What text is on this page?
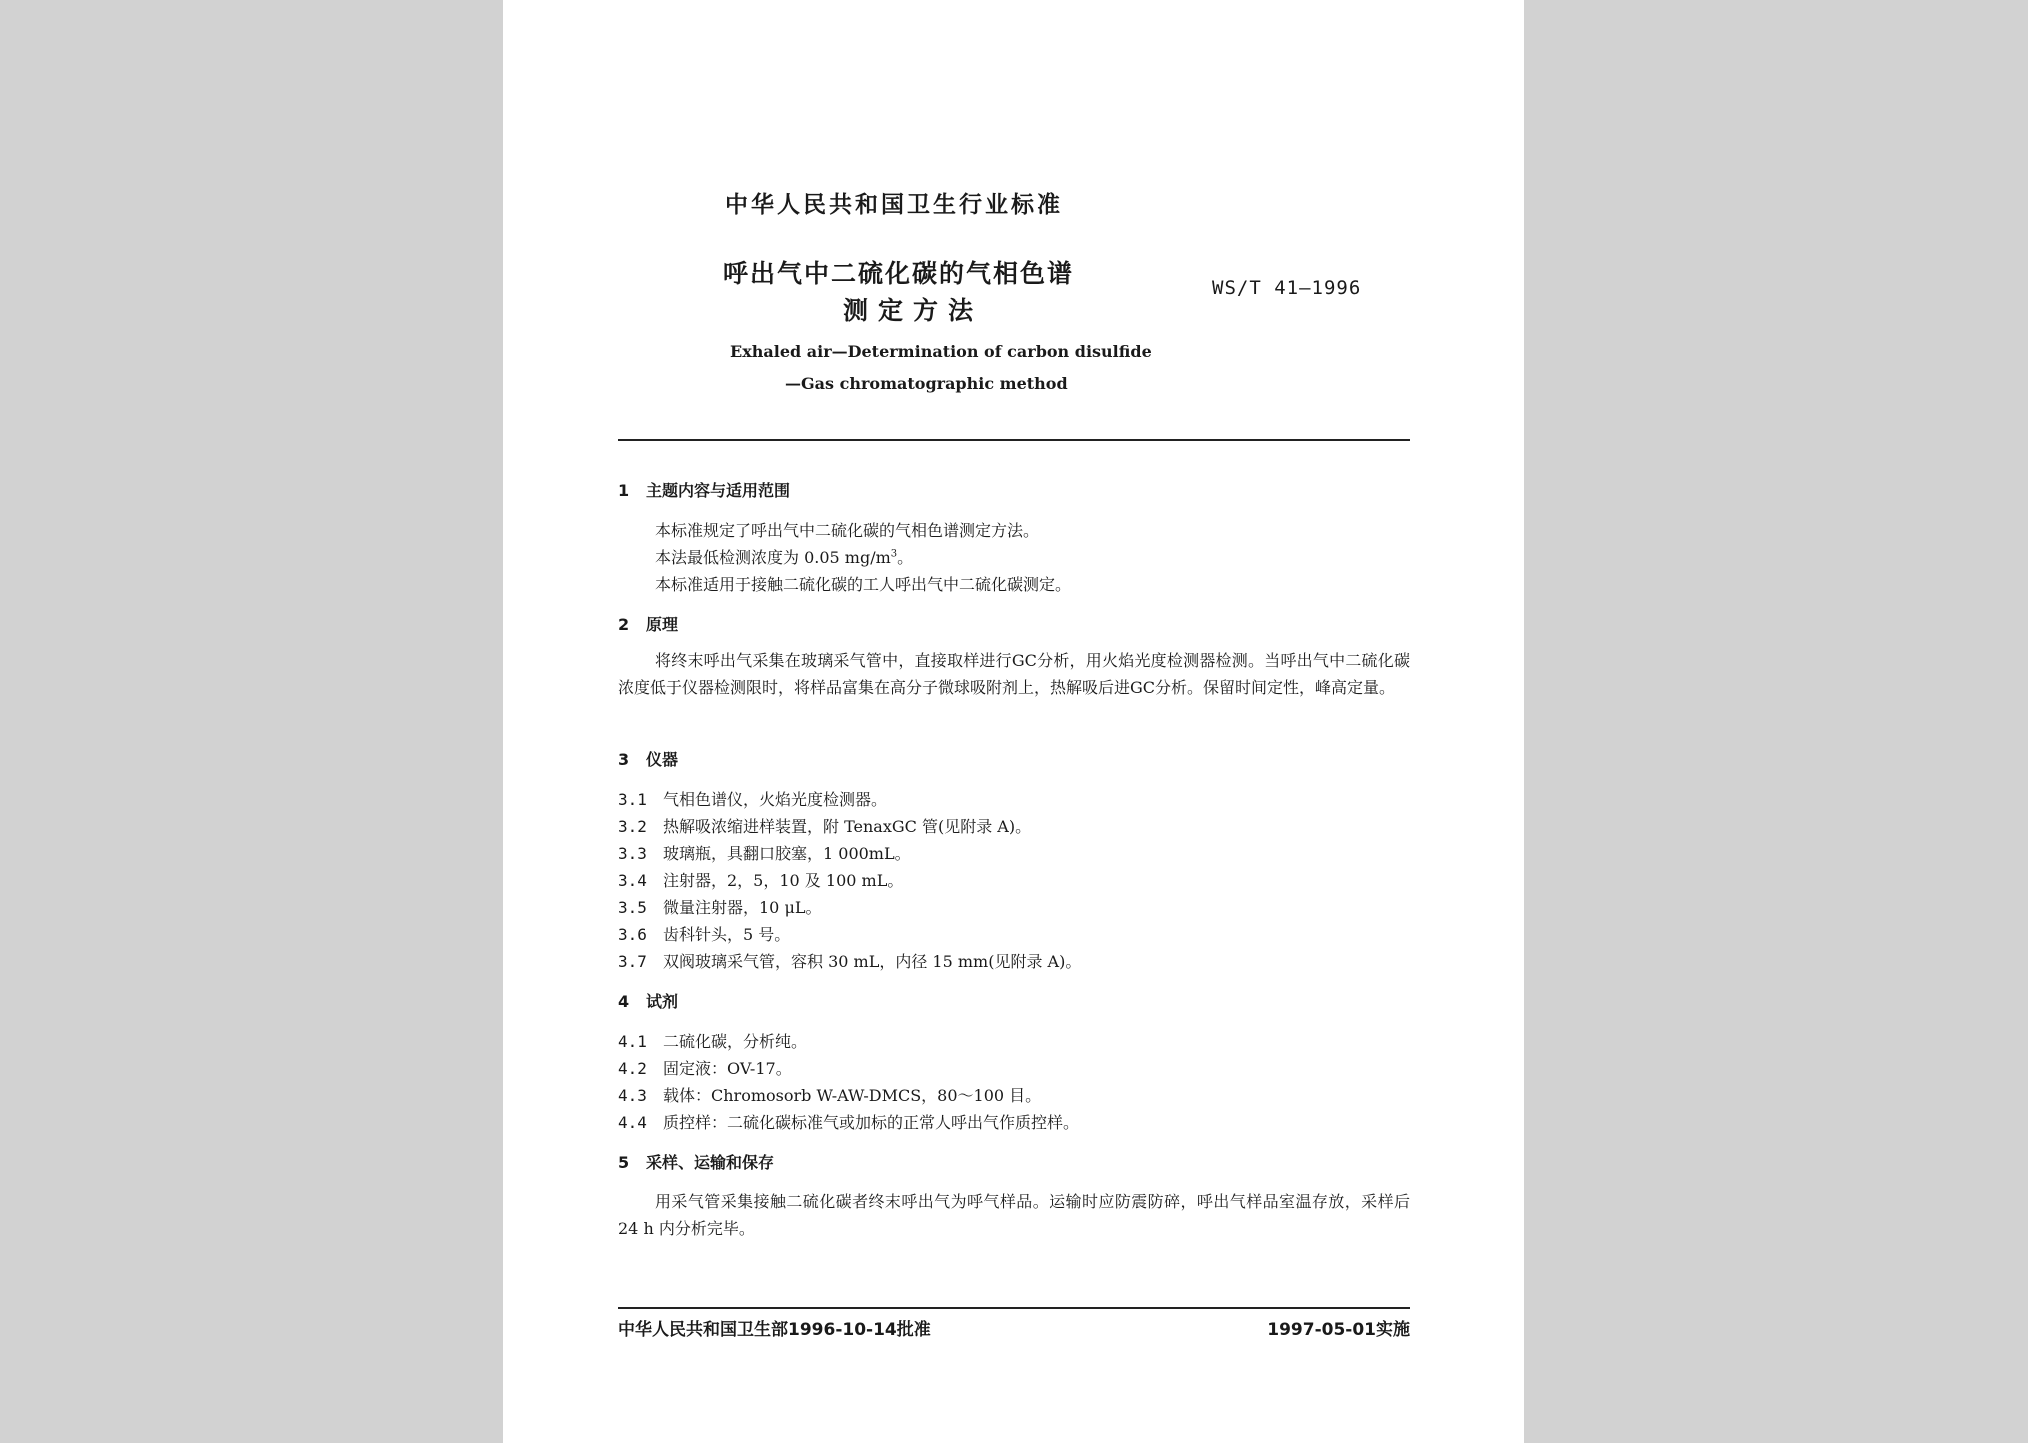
中华人民共和国卫生行业标准
呼出气中二硫化碳的气相色谱
测定方法
WS/T 41—1996
Exhaled air—Determination of carbon disulfide
—Gas chromatographic method
1 主题内容与适用范围
本标准规定了呼出气中二硫化碳的气相色谱测定方法。
本法最低检测浓度为 0.05 $mg/m^3$。
本标准适用于接触二硫化碳的工人呼出气中二硫化碳测定。
2 原理
将终末呼出气采集在玻璃采气管中，直接取样进行GC分析，用火焰光度检测器检测。当呼出气中二硫化碳浓度低于仪器检测限时，将样品富集在高分子微球吸附剂上，热解吸后进GC分析。保留时间定性，峰高定量。
3 仪器
3.1 气相色谱仪，火焰光度检测器。
3.2 热解吸浓缩进样装置，附 TenaxGC 管(见附录 A)。
3.3 玻璃瓶，具翻口胶塞，1 000mL。
3.4 注射器，2，5，10 及 100 mL。
3.5 微量注射器，10 μL。
3.6 齿科针头，5 号。
3.7 双阀玻璃采气管，容积 30 mL，内径 15 mm(见附录 A)。
4 试剂
4.1 二硫化碳，分析纯。
4.2 固定液：OV-17。
4.3 载体：Chromosorb W-AW-DMCS，80～100 目。
4.4 质控样：二硫化碳标准气或加标的正常人呼出气作质控样。
5 采样、运输和保存
用采气管采集接触二硫化碳者终末呼出气为呼气样品。运输时应防震防碎，呼出气样品室温存放，采样后 24 h 内分析完毕。
中华人民共和国卫生部1996-10-14批准	1997-05-01实施
